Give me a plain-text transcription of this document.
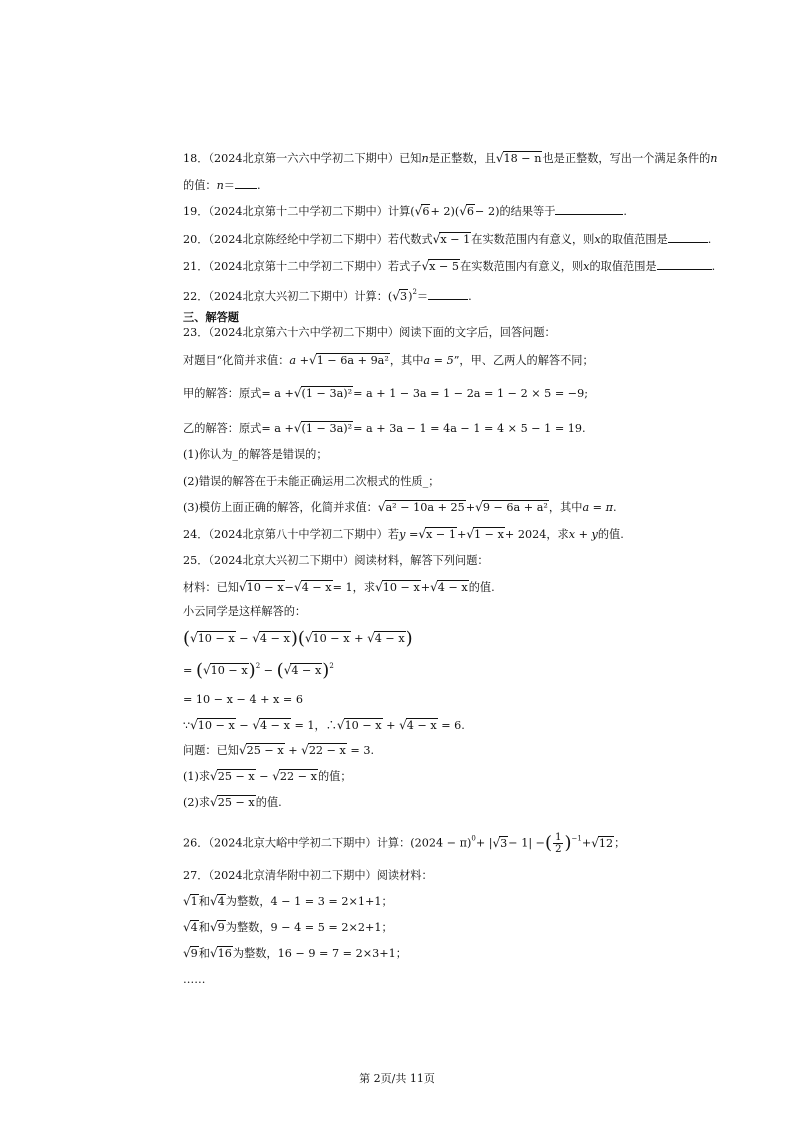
18．（2024北京第一六六中学初二下期中）已知n是正整数，且√18 − n也是正整数，写出一个满足条件的n
的值：n＝ .
19．（2024北京第十二中学初二下期中）计算(√6+ 2)(√6− 2)的结果等于	.
20．（2024北京陈经纶中学初二下期中）若代数式√x − 1在实数范围内有意义，则x的取值范围是	.
21．（2024北京第十二中学初二下期中）若式子√x − 5在实数范围内有意义，则x的取值范围是	.
22．（2024北京大兴初二下期中）计算：$(√3)^2=$	.
三、解答题
23．（2024北京第六十六中学初二下期中）阅读下面的文字后，回答问题：
对题目“化简并求值：a +√1 − 6a + 9a²，其中a = 5”，甲、乙两人的解答不同；
甲的解答：原式= a +√(1 − 3a)²= a + 1 − 3a = 1 − 2a = 1 − 2 × 5 = −9;
乙的解答：原式= a +√(1 − 3a)²= a + 3a − 1 = 4a − 1 = 4 × 5 − 1 = 19.
(1)你认为_的解答是错误的；
(2)错误的解答在于未能正确运用二次根式的性质_；
(3)模仿上面正确的解答，化简并求值：√a² − 10a + 25+√9 − 6a + a²，其中a = π.
24．（2024北京第八十中学初二下期中）若y =√x − 1+√1 − x+ 2024，求x + y的值.
25．（2024北京大兴初二下期中）阅读材料，解答下列问题：
材料：已知√10 − x−√4 − x= 1，求√10 − x+√4 − x的值.
小云同学是这样解答的：
(√10 − x − √4 − x)(√10 − x + √4 − x)
= $(√10 - x)^2 - (√4 - x)^2$
= 10 − x − 4 + x = 6
∵√10 − x − √4 − x = 1，∴√10 − x + √4 − x = 6.
问题：已知√25 − x + √22 − x = 3.
(1)求√25 − x − √22 − x的值；
(2)求√25 − x的值.
26．（2024北京大峪中学初二下期中）计算：$(2024 - \pi)^0+ |√3- 1|$ −( $\frac{1}{2} )^{-1}+√12$；
27．（2024北京清华附中初二下期中）阅读材料：
√1和√4为整数，4 − 1 = 3 = 2×1+1；
√4和√9为整数，9 − 4 = 5 = 2×2+1；
√9和√16为整数，16 − 9 = 7 = 2×3+1；
……
第 2页/共 11页
